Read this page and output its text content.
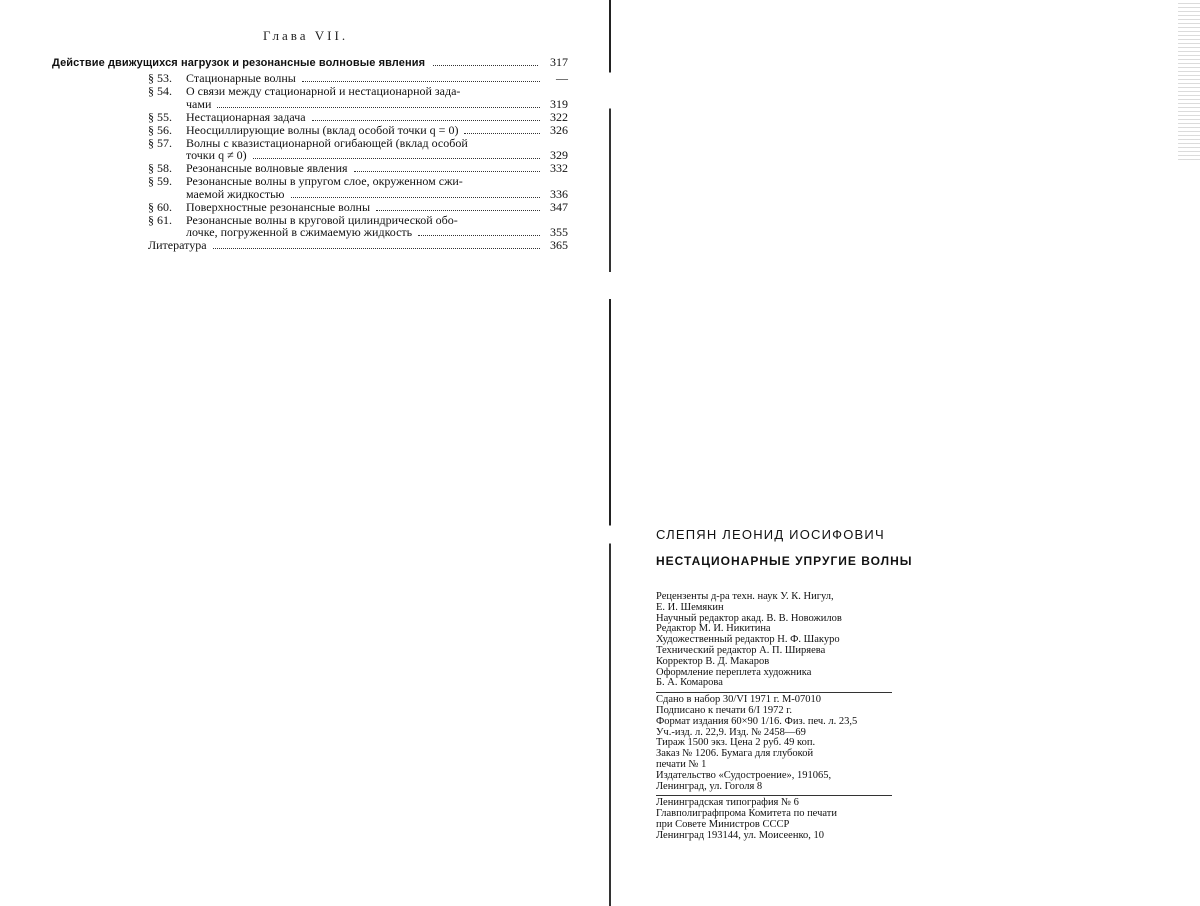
Глава VII.
Действие движущихся нагрузок и резонансные волновые явления	317
§ 53.	Стационарные волны	—
§ 54.	О связи между стационарной и нестационарной зада-
чами	319
§ 55.	Нестационарная задача	322
§ 56.	Неосциллирующие волны (вклад особой точки q = 0)	326
§ 57.	Волны с квазистационарной огибающей (вклад особой
точки q ≠ 0)	329
§ 58.	Резонансные волновые явления	332
§ 59.	Резонансные волны в упругом слое, окруженном сжи-
маемой жидкостью	336
§ 60.	Поверхностные резонансные волны	347
§ 61.	Резонансные волны в круговой цилиндрической обо-
лочке, погруженной в сжимаемую жидкость	355
Литература	365
СЛЕПЯН ЛЕОНИД ИОСИФОВИЧ
НЕСТАЦИОНАРНЫЕ УПРУГИЕ ВОЛНЫ
Рецензенты д-ра техн. наук У. К. Нигул,
Е. И. Шемякин
Научный редактор акад. В. В. Новожилов
Редактор М. И. Никитина
Художественный редактор Н. Ф. Шакуро
Технический редактор А. П. Ширяева
Корректор В. Д. Макаров
Оформление переплета художника
Б. А. Комарова
Сдано в набор 30/VI 1971 г. М-07010
Подписано к печати 6/I 1972 г.
Формат издания 60×90 1/16. Физ. печ. л. 23,5
Уч.-изд. л. 22,9. Изд. № 2458—69
Тираж 1500 экз. Цена 2 руб. 49 коп.
Заказ № 1206. Бумага для глубокой
печати № 1
Издательство «Судостроение», 191065,
Ленинград, ул. Гоголя 8
Ленинградская типография № 6
Главполиграфпрома Комитета по печати
при Совете Министров СССР
Ленинград 193144, ул. Моисеенко, 10
